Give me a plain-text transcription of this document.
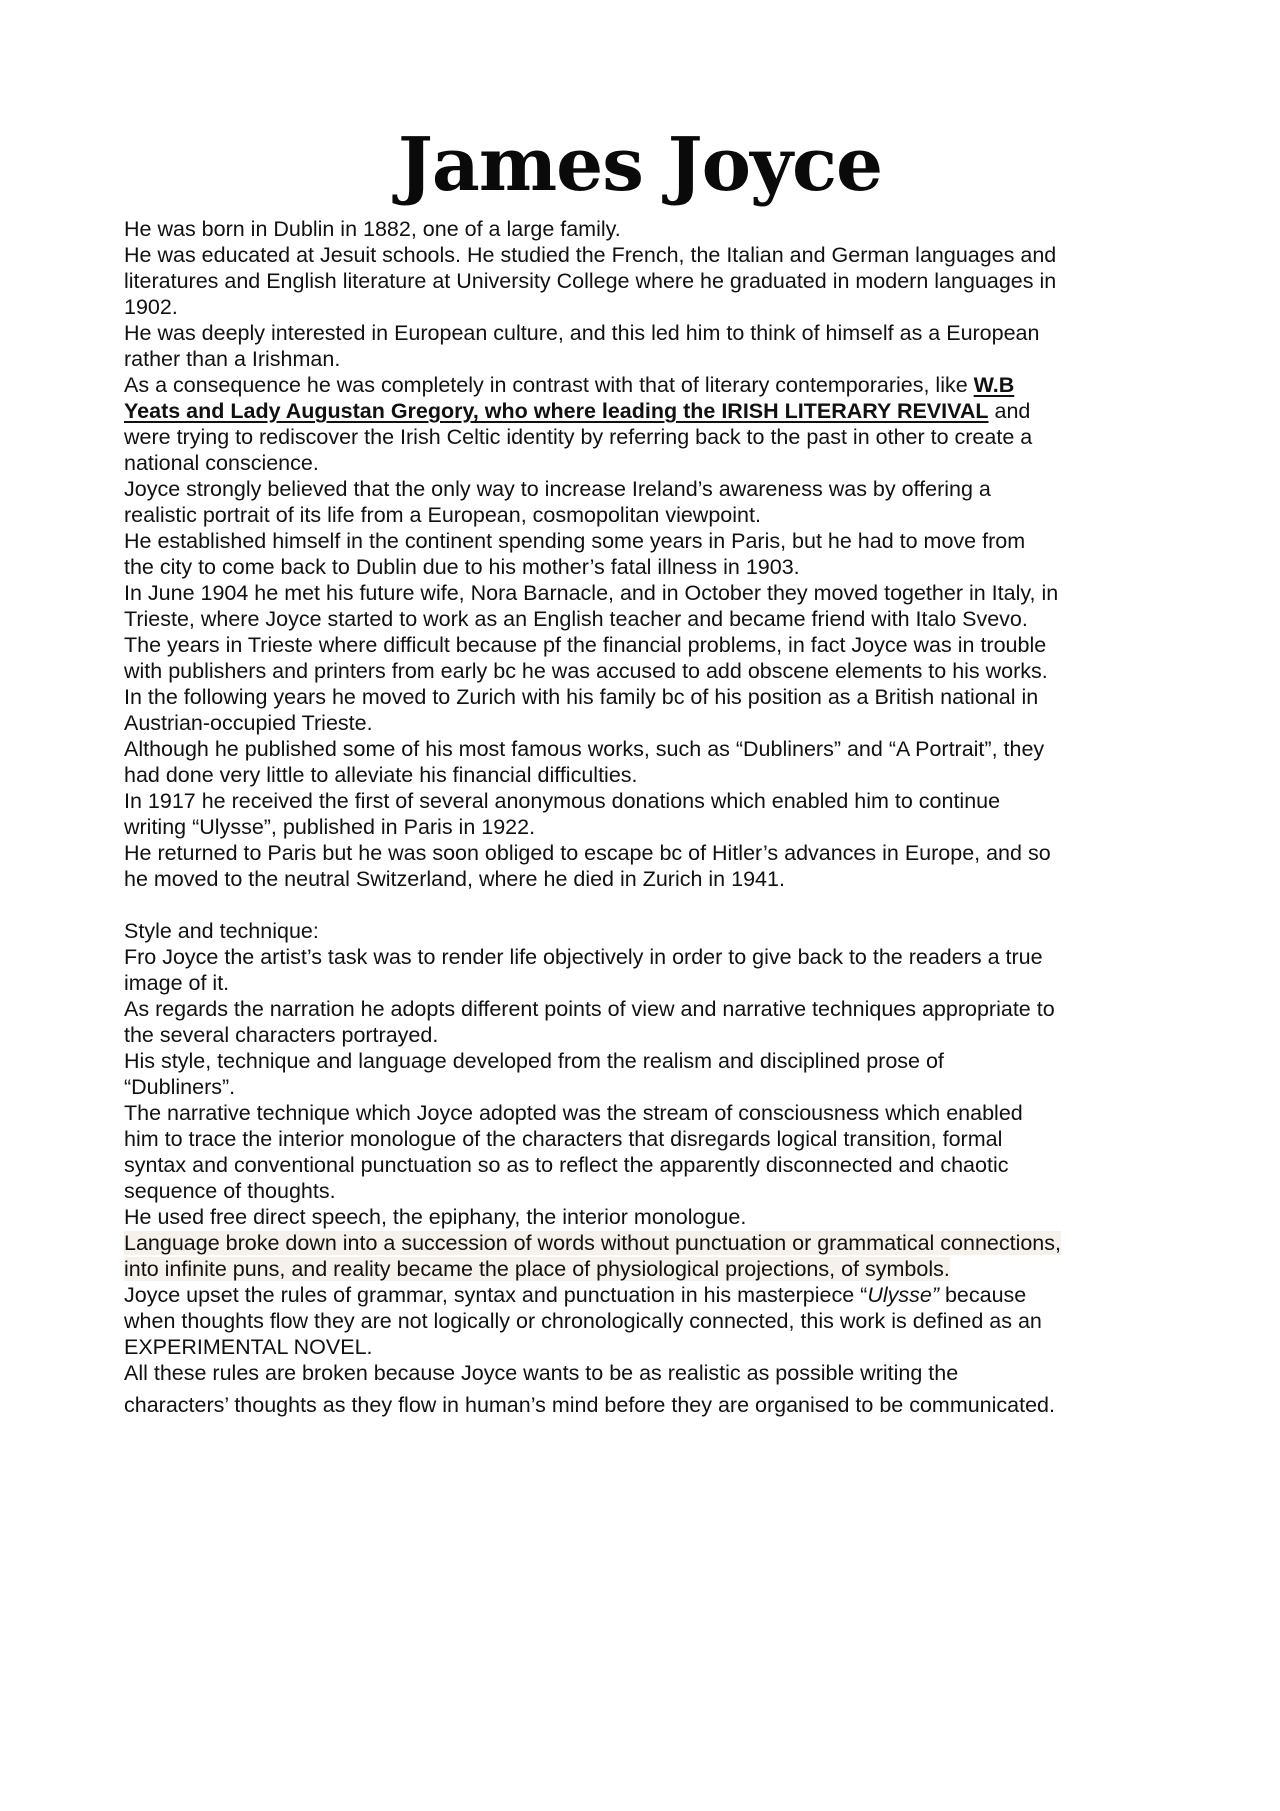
James Joyce
He was born in Dublin in 1882, one of a large family.
He was educated at Jesuit schools. He studied the French, the Italian and German languages and
literatures and English literature at University College where he graduated in modern languages in
1902.
He was deeply interested in European culture, and this led him to think of himself as a European
rather than a Irishman.
As a consequence he was completely in contrast with that of literary contemporaries, like W.B
Yeats and Lady Augustan Gregory, who where leading the IRISH LITERARY REVIVAL and
were trying to rediscover the Irish Celtic identity by referring back to the past in other to create a
national conscience.
Joyce strongly believed that the only way to increase Ireland’s awareness was by offering a
realistic portrait of its life from a European, cosmopolitan viewpoint.
He established himself in the continent spending some years in Paris, but he had to move from
the city to come back to Dublin due to his mother’s fatal illness in 1903.
In June 1904 he met his future wife, Nora Barnacle, and in October they moved together in Italy, in
Trieste, where Joyce started to work as an English teacher and became friend with Italo Svevo.
The years in Trieste where difficult because pf the financial problems, in fact Joyce was in trouble
with publishers and printers from early bc he was accused to add obscene elements to his works.
In the following years he moved to Zurich with his family bc of his position as a British national in
Austrian-occupied Trieste.
Although he published some of his most famous works, such as “Dubliners” and “A Portrait”, they
had done very little to alleviate his financial difficulties.
In 1917 he received the first of several anonymous donations which enabled him to continue
writing “Ulysse”, published in Paris in 1922.
He returned to Paris but he was soon obliged to escape bc of Hitler’s advances in Europe, and so
he moved to the neutral Switzerland, where he died in Zurich in 1941.
Style and technique:
Fro Joyce the artist’s task was to render life objectively in order to give back to the readers a true
image of it.
As regards the narration he adopts different points of view and narrative techniques appropriate to
the several characters portrayed.
His style, technique and language developed from the realism and disciplined prose of
“Dubliners”.
The narrative technique which Joyce adopted was the stream of consciousness which enabled
him to trace the interior monologue of the characters that disregards logical transition, formal
syntax and conventional punctuation so as to reflect the apparently disconnected and chaotic
sequence of thoughts.
He used free direct speech, the epiphany, the interior monologue.
Language broke down into a succession of words without punctuation or grammatical connections,
into infinite puns, and reality became the place of physiological projections, of symbols.
Joyce upset the rules of grammar, syntax and punctuation in his masterpiece “Ulysse” because
when thoughts flow they are not logically or chronologically connected, this work is defined as an
EXPERIMENTAL NOVEL.
All these rules are broken because Joyce wants to be as realistic as possible writing the
characters’ thoughts as they flow in human’s mind before they are organised to be communicated.
